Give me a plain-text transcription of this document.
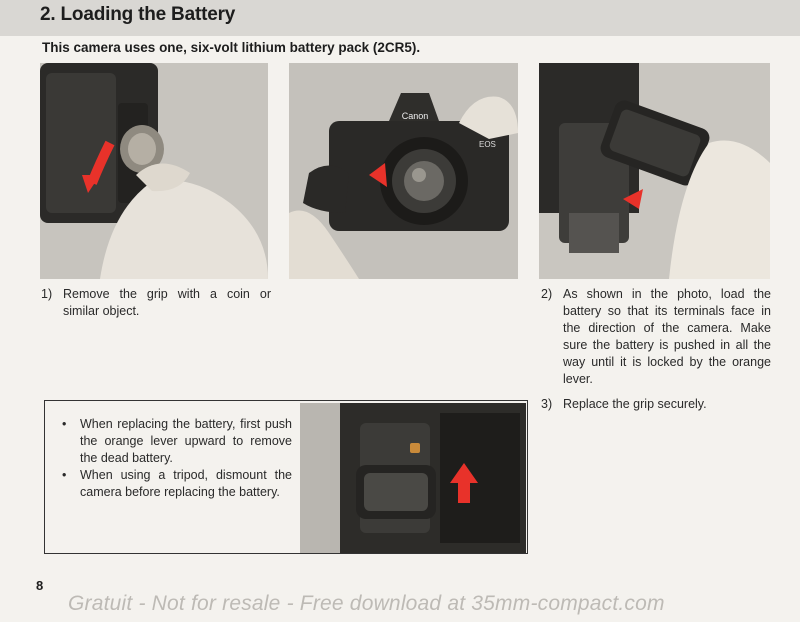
2. Loading the Battery
This camera uses one, six-volt lithium battery pack (2CR5).
Canon
EOS
1) Remove the grip with a coin or similar object.
2) As shown in the photo, load the battery so that its terminals face in the direction of the camera. Make sure the battery is pushed in all the way until it is locked by the orange lever.
3) Replace the grip securely.
• When replacing the battery, first push the orange lever upward to remove the dead battery.
• When using a tripod, dismount the camera before replacing the battery.
8
Gratuit - Not for resale - Free download at 35mm-compact.com
